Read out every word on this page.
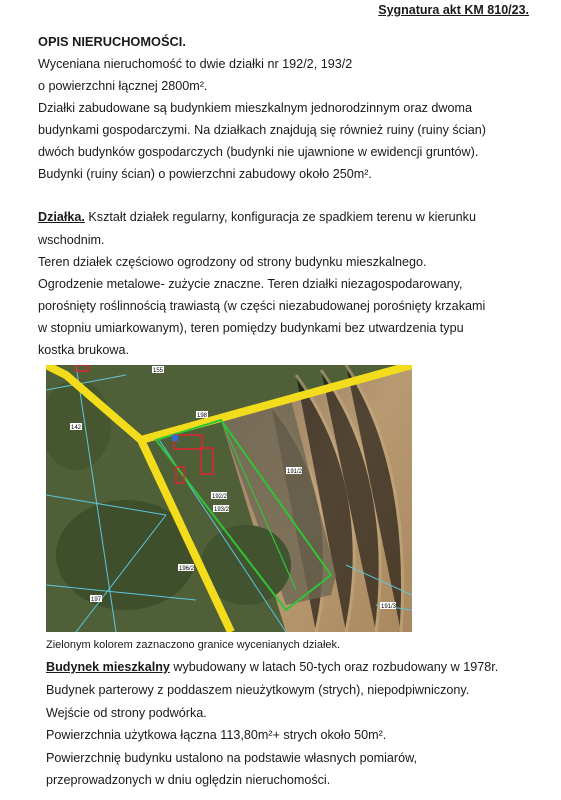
Sygnatura akt KM 810/23.
OPIS NIERUCHOMOŚCI.
Wyceniana nieruchomość to dwie działki nr 192/2, 193/2
o powierzchni łącznej 2800m².
Działki zabudowane są budynkiem mieszkalnym jednorodzinnym oraz dwoma
budynkami gospodarczymi. Na działkach znajdują się również ruiny (ruiny ścian)
dwóch budynków gospodarczych (budynki nie ujawnione w ewidencji gruntów).
Budynki (ruiny ścian) o powierzchni zabudowy około 250m².
Działka. Kształt działek regularny, konfiguracja ze spadkiem terenu w kierunku
wschodnim.
Teren działek częściowo ogrodzony od strony budynku mieszkalnego.
Ogrodzenie metalowe- zużycie znaczne. Teren działki niezagospodarowany,
porośnięty roślinnością trawiastą (w części niezabudowanej porośnięty krzakami
w stopniu umiarkowanym), teren pomiędzy budynkami bez utwardzenia typu
kostka brukowa.
155
142
192/2
193/2
191/2
196/2
197
191/3
198
Zielonym kolorem zaznaczono granice wycenianych działek.
Budynek mieszkalny wybudowany w latach 50-tych oraz rozbudowany w 1978r.
Budynek parterowy z poddaszem nieużytkowym (strych), niepodpiwniczony.
Wejście od strony podwórka.
Powierzchnia użytkowa łączna 113,80m²+ strych około 50m².
Powierzchnię budynku ustalono na podstawie własnych pomiarów,
przeprowadzonych w dniu oględzin nieruchomości.
